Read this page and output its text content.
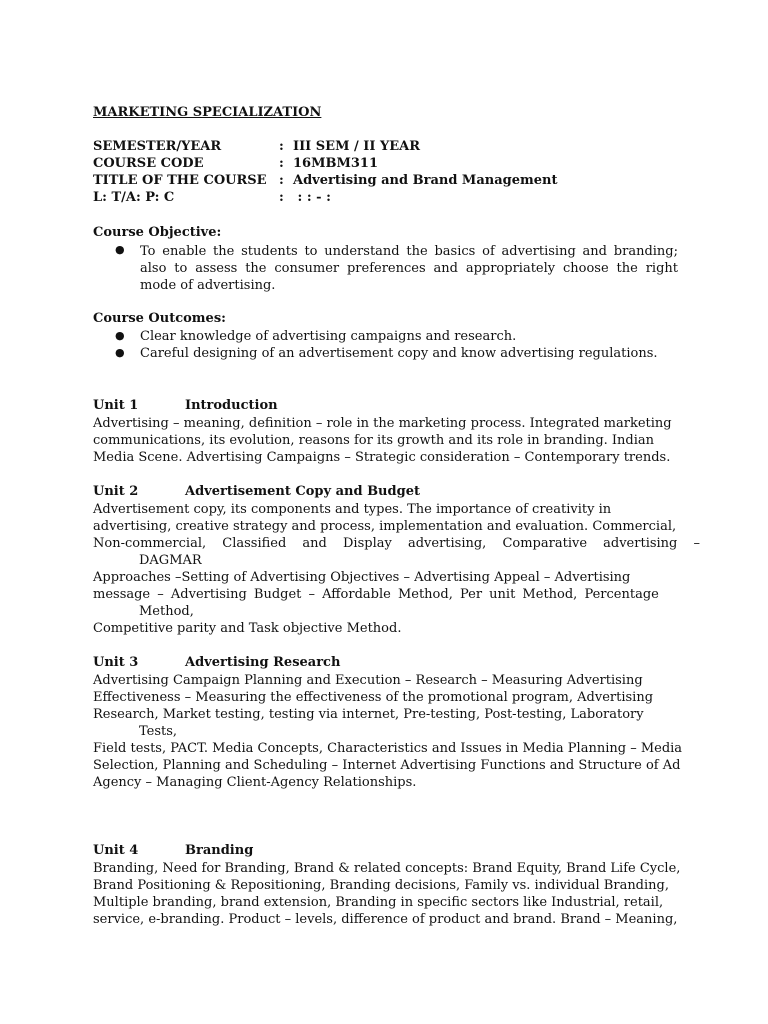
MARKETING SPECIALIZATION
SEMESTER/YEAR	: III SEM / II YEAR
COURSE CODE	: 16MBM311
TITLE OF THE COURSE : Advertising and Brand Management
L: T/A: P: C	: : : - :
Course Objective:
● To enable the students to understand the basics of advertising and branding; also to assess the consumer preferences and appropriately choose the right mode of advertising.
Course Outcomes:
● Clear knowledge of advertising campaigns and research.
● Careful designing of an advertisement copy and know advertising regulations.
Unit 1	Introduction
Advertising – meaning, definition – role in the marketing process. Integrated marketing
communications, its evolution, reasons for its growth and its role in branding. Indian
Media Scene. Advertising Campaigns – Strategic consideration – Contemporary trends.
Unit 2	Advertisement Copy and Budget
Advertisement copy, its components and types. The importance of creativity in
advertising, creative strategy and process, implementation and evaluation. Commercial,
Non-commercial, Classified and Display advertising, Comparative advertising –
DAGMAR
Approaches –Setting of Advertising Objectives – Advertising Appeal – Advertising
message – Advertising Budget – Affordable Method, Per unit Method, Percentage
Method,
Competitive parity and Task objective Method.
Unit 3	Advertising Research
Advertising Campaign Planning and Execution – Research – Measuring Advertising
Effectiveness – Measuring the effectiveness of the promotional program, Advertising
Research, Market testing, testing via internet, Pre-testing, Post-testing, Laboratory
Tests,
Field tests, PACT. Media Concepts, Characteristics and Issues in Media Planning – Media
Selection, Planning and Scheduling – Internet Advertising Functions and Structure of Ad
Agency – Managing Client-Agency Relationships.
Unit 4	Branding
Branding, Need for Branding, Brand & related concepts: Brand Equity, Brand Life Cycle,
Brand Positioning & Repositioning, Branding decisions, Family vs. individual Branding,
Multiple branding, brand extension, Branding in specific sectors like Industrial, retail,
service, e-branding. Product – levels, difference of product and brand. Brand – Meaning,
